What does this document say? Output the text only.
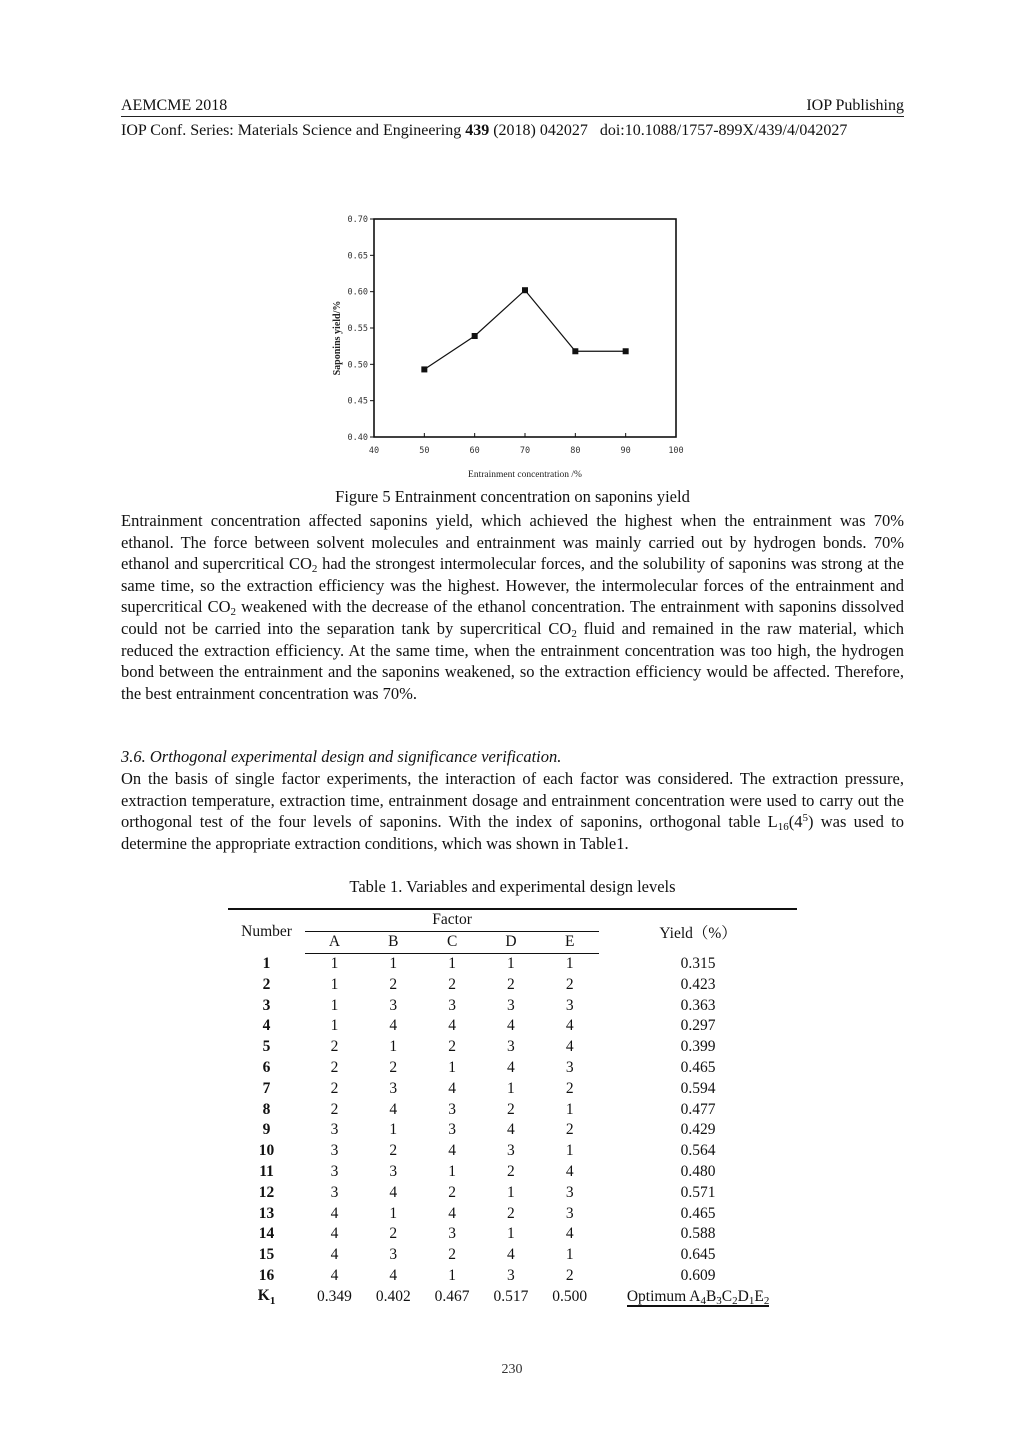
AEMCME 2018	IOP Publishing
IOP Conf. Series: Materials Science and Engineering 439 (2018) 042027 doi:10.1088/1757-899X/439/4/042027
40	50	60	70	80	90	100
0.40
0.45
0.50
0.55
0.60
0.65
0.70
Entrainment concentration /%
Saponins yield/%
Figure 5 Entrainment concentration on saponins yield
Entrainment concentration affected saponins yield, which achieved the highest when the entrainment was 70% ethanol. The force between solvent molecules and entrainment was mainly carried out by hydrogen bonds. 70% ethanol and supercritical $CO_2$ had the strongest intermolecular forces, and the solubility of saponins was strong at the same time, so the extraction efficiency was the highest. However, the intermolecular forces of the entrainment and supercritical $CO_2$ weakened with the decrease of the ethanol concentration. The entrainment with saponins dissolved could not be carried into the separation tank by supercritical $CO_2$ fluid and remained in the raw material, which reduced the extraction efficiency. At the same time, when the entrainment concentration was too high, the hydrogen bond between the entrainment and the saponins weakened, so the extraction efficiency would be affected. Therefore, the best entrainment concentration was 70%.
3.6. Orthogonal experimental design and significance verification.
On the basis of single factor experiments, the interaction of each factor was considered. The extraction pressure, extraction temperature, extraction time, entrainment dosage and entrainment concentration were used to carry out the orthogonal test of the four levels of saponins. With the index of saponins, orthogonal table $L_{16}(4^5)$ was used to determine the appropriate extraction conditions, which was shown in Table1.
Table 1. Variables and experimental design levels
Number	Factor					Yield（%）
	A	B	C	D	E	
1	1	1	1	1	1	0.315
2	1	2	2	2	2	0.423
3	1	3	3	3	3	0.363
4	1	4	4	4	4	0.297
5	2	1	2	3	4	0.399
6	2	2	1	4	3	0.465
7	2	3	4	1	2	0.594
8	2	4	3	2	1	0.477
9	3	1	3	4	2	0.429
10	3	2	4	3	1	0.564
11	3	3	1	2	4	0.480
12	3	4	2	1	3	0.571
13	4	1	4	2	3	0.465
14	4	2	3	1	4	0.588
15	4	3	2	4	1	0.645
16	4	4	1	3	2	0.609
$K_1$	0.349	0.402	0.467	0.517	0.500	Optimum $A_4B_3C_2D_1E_2$
230
